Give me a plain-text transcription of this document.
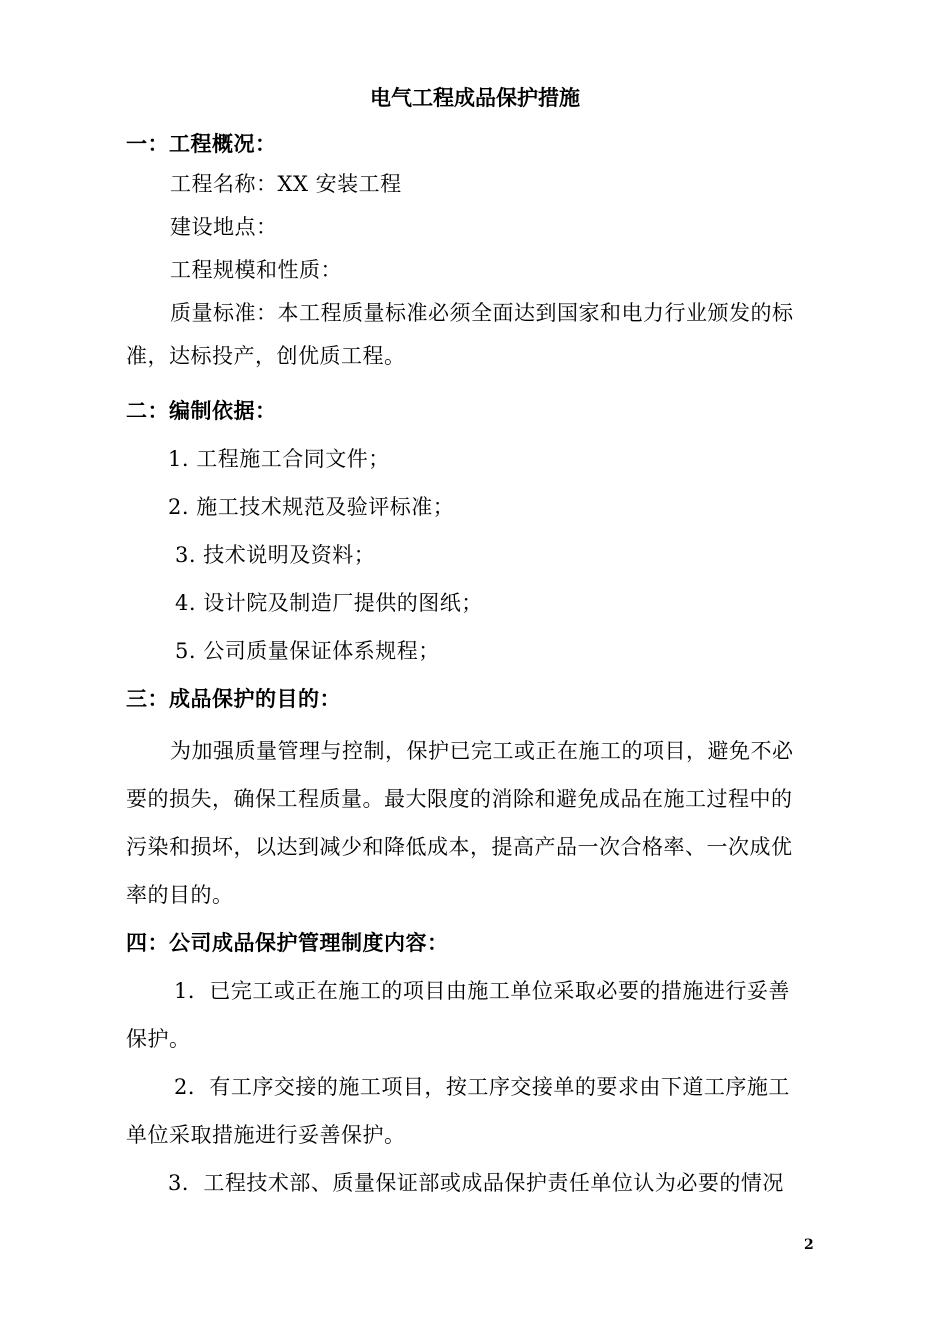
电气工程成品保护措施
一：工程概况：
工程名称：XX 安装工程
建设地点：
工程规模和性质：
质量标准：本工程质量标准必须全面达到国家和电力行业颁发的标
准，达标投产，创优质工程。
二：编制依据：
1. 工程施工合同文件；
2. 施工技术规范及验评标准；
3. 技术说明及资料；
4. 设计院及制造厂提供的图纸；
5. 公司质量保证体系规程；
三：成品保护的目的：
为加强质量管理与控制，保护已完工或正在施工的项目，避免不必
要的损失，确保工程质量。最大限度的消除和避免成品在施工过程中的
污染和损坏，以达到减少和降低成本，提高产品一次合格率、一次成优
率的目的。
四：公司成品保护管理制度内容：
1．已完工或正在施工的项目由施工单位采取必要的措施进行妥善
保护。
2．有工序交接的施工项目，按工序交接单的要求由下道工序施工
单位采取措施进行妥善保护。
3．工程技术部、质量保证部或成品保护责任单位认为必要的情况
2
